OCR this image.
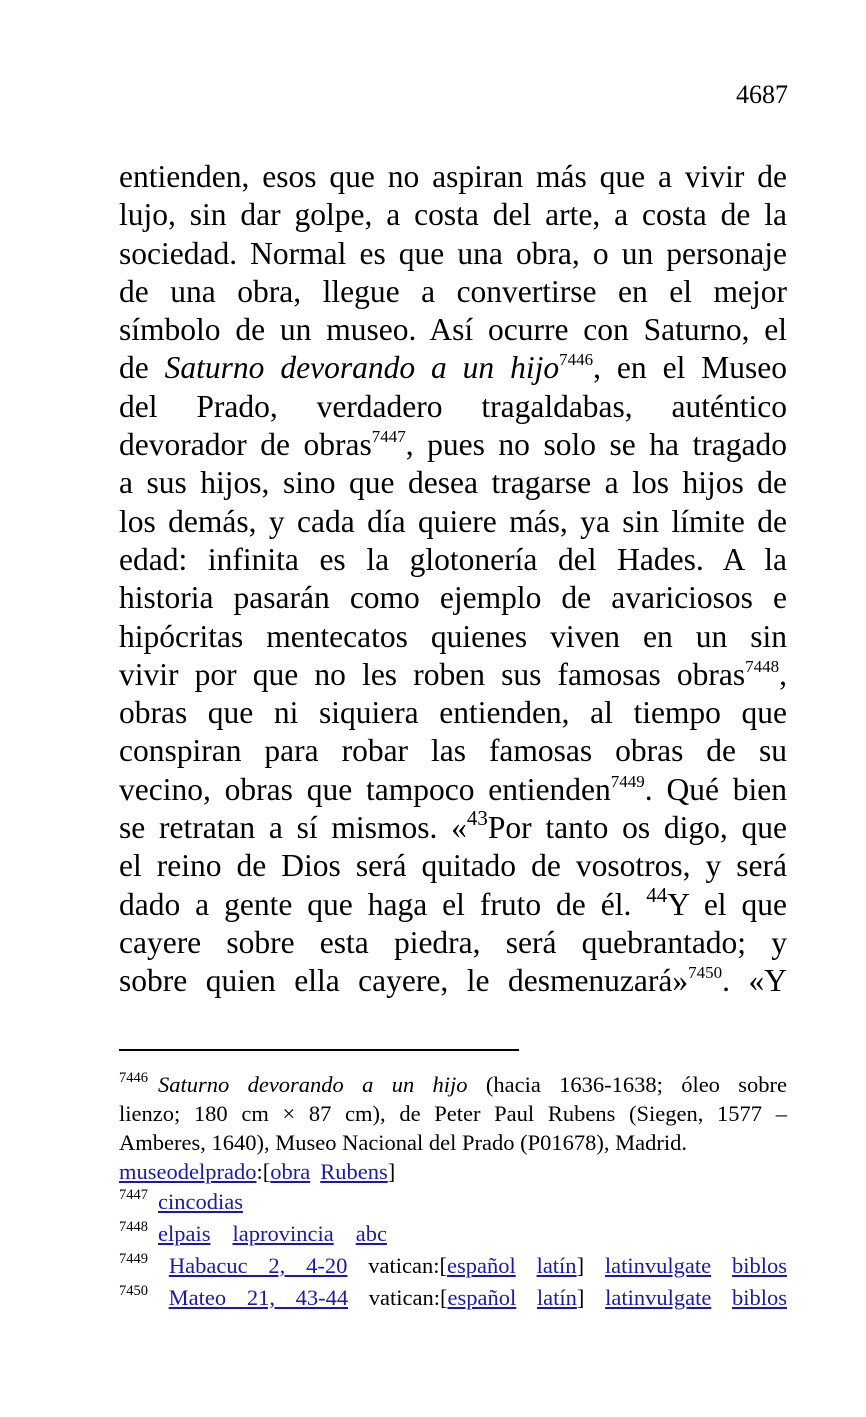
4687
entienden, esos que no aspiran más que a vivir de
lujo, sin dar golpe, a costa del arte, a costa de la
sociedad. Normal es que una obra, o un personaje
de una obra, llegue a convertirse en el mejor
símbolo de un museo. Así ocurre con Saturno, el
de Saturno devorando a un hijo$^{7446}$, en el Museo
del Prado, verdadero tragaldabas, auténtico
devorador de obras$^{7447}$, pues no solo se ha tragado
a sus hijos, sino que desea tragarse a los hijos de
los demás, y cada día quiere más, ya sin límite de
edad: infinita es la glotonería del Hades. A la
historia pasarán como ejemplo de avariciosos e
hipócritas mentecatos quienes viven en un sin
vivir por que no les roben sus famosas obras$^{7448}$,
obras que ni siquiera entienden, al tiempo que
conspiran para robar las famosas obras de su
vecino, obras que tampoco entienden$^{7449}$. Qué bien
se retratan a sí mismos. «$^{43}$Por tanto os digo, que
el reino de Dios será quitado de vosotros, y será
dado a gente que haga el fruto de él. $^{44}$Y el que
cayere sobre esta piedra, será quebrantado; y
sobre quien ella cayere, le desmenuzará»$^{7450}$. «Y
$^{7446}$ Saturno devorando a un hijo (hacia 1636-1638; óleo sobre
lienzo; 180 cm × 87 cm), de Peter Paul Rubens (Siegen, 1577 –
Amberes, 1640), Museo Nacional del Prado (P01678), Madrid.
museodelprado:[obra Rubens]
$^{7447}$ cincodias
$^{7448}$ elpais laprovincia abc
$^{7449}$ Habacuc 2, 4-20 vatican:[español latín] latinvulgate biblos
$^{7450}$ Mateo 21, 43-44 vatican:[español latín] latinvulgate biblos
